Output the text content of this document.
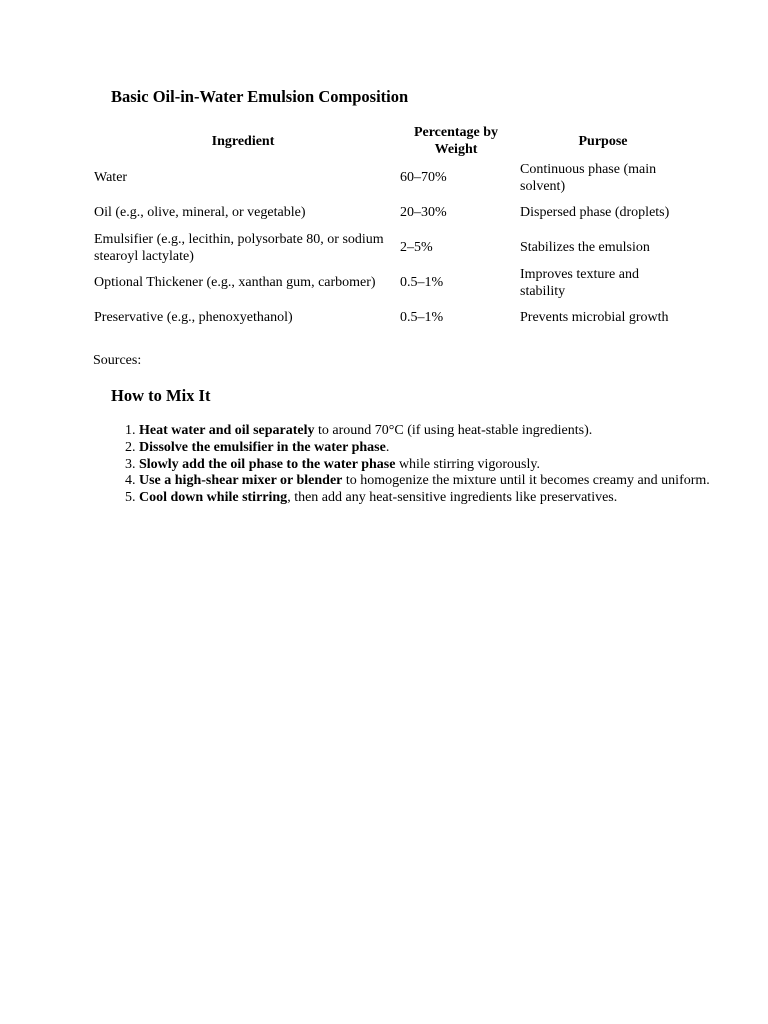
Basic Oil-in-Water Emulsion Composition
Ingredient	Percentage by Weight	Purpose
Water	60–70%	Continuous phase (main solvent)
Oil (e.g., olive, mineral, or vegetable)	20–30%	Dispersed phase (droplets)
Emulsifier (e.g., lecithin, polysorbate 80, or sodium stearoyl lactylate)	2–5%	Stabilizes the emulsion
Optional Thickener (e.g., xanthan gum, carbomer)	0.5–1%	Improves texture and stability
Preservative (e.g., phenoxyethanol)	0.5–1%	Prevents microbial growth
Sources:
How to Mix It
1. Heat water and oil separately to around 70°C (if using heat-stable ingredients).
2. Dissolve the emulsifier in the water phase.
3. Slowly add the oil phase to the water phase while stirring vigorously.
4. Use a high-shear mixer or blender to homogenize the mixture until it becomes creamy and uniform.
5. Cool down while stirring, then add any heat-sensitive ingredients like preservatives.
